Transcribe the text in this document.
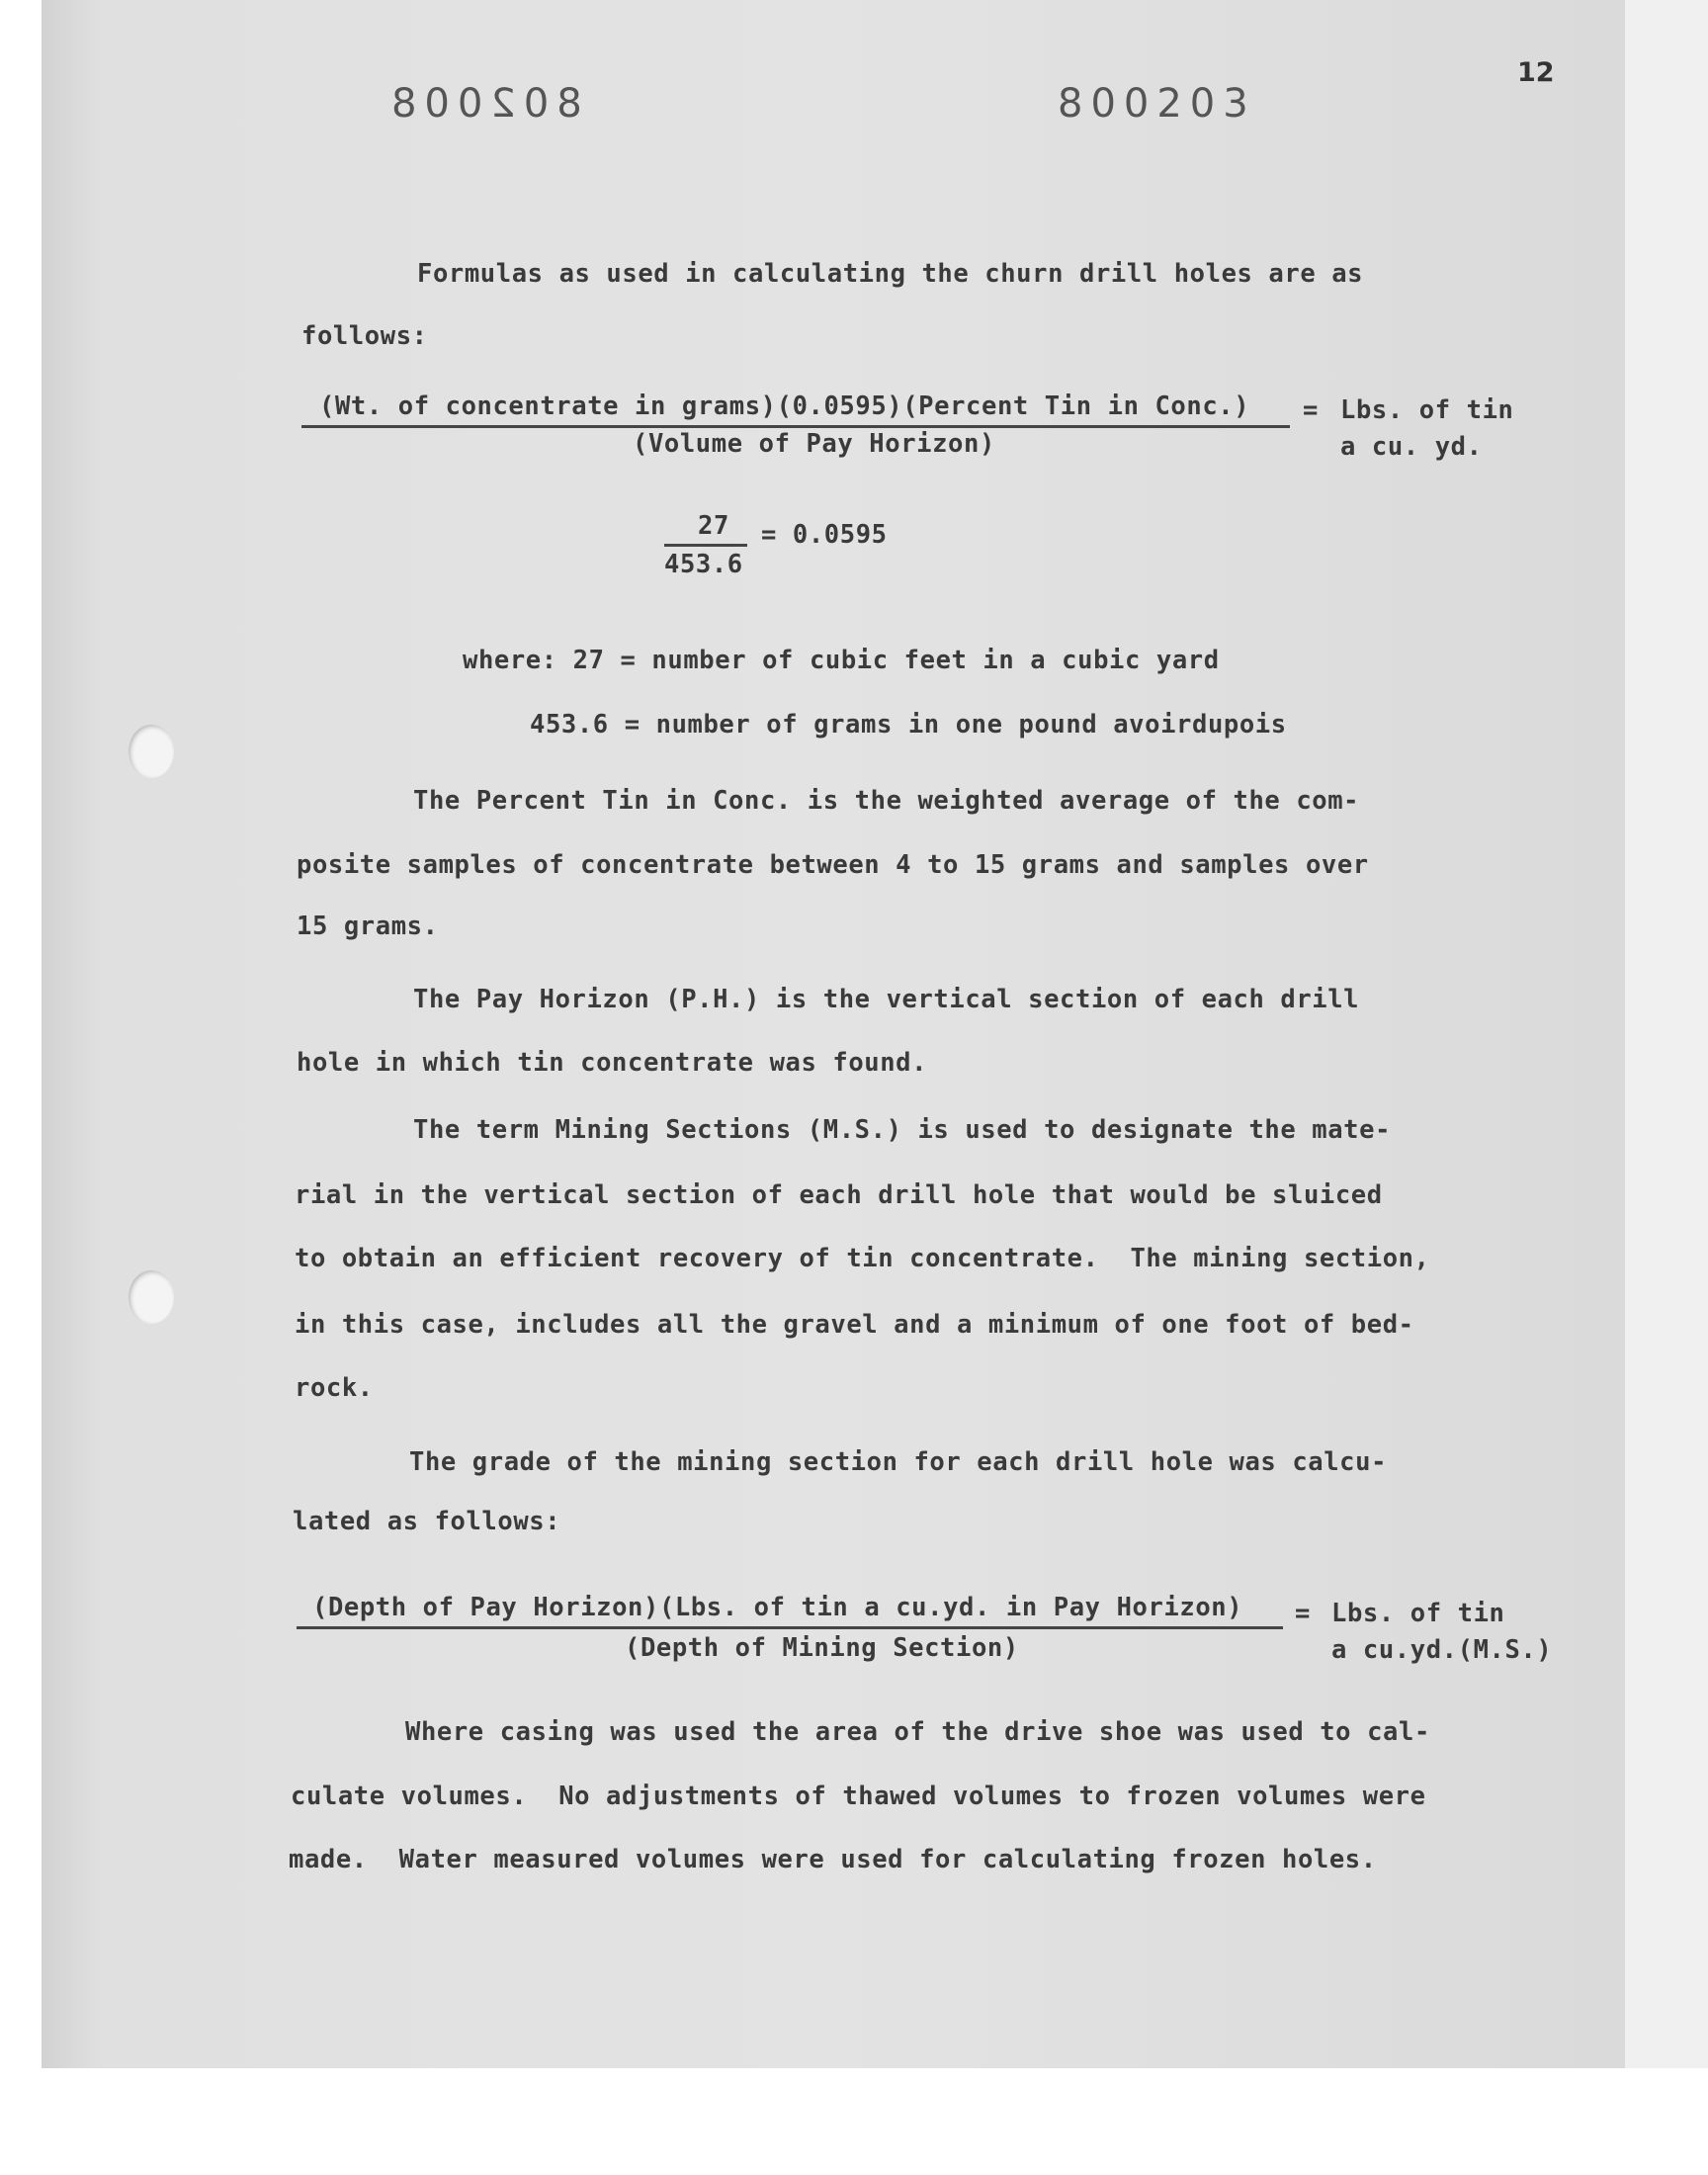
802008	800203
12
Formulas as used in calculating the churn drill holes are as
follows:
(Wt. of concentrate in grams)(0.0595)(Percent Tin in Conc.)
(Volume of Pay Horizon)
= Lbs. of tin
a cu. yd.
27
453.6
= 0.0595
where: 27 = number of cubic feet in a cubic yard
453.6 = number of grams in one pound avoirdupois
The Percent Tin in Conc. is the weighted average of the com-
posite samples of concentrate between 4 to 15 grams and samples over
15 grams.
The Pay Horizon (P.H.) is the vertical section of each drill
hole in which tin concentrate was found.
The term Mining Sections (M.S.) is used to designate the mate-
rial in the vertical section of each drill hole that would be sluiced
to obtain an efficient recovery of tin concentrate.  The mining section,
in this case, includes all the gravel and a minimum of one foot of bed-
rock.
The grade of the mining section for each drill hole was calcu-
lated as follows:
(Depth of Pay Horizon)(Lbs. of tin a cu.yd. in Pay Horizon)
(Depth of Mining Section)
= Lbs. of tin
a cu.yd.(M.S.)
Where casing was used the area of the drive shoe was used to cal-
culate volumes.  No adjustments of thawed volumes to frozen volumes were
made.  Water measured volumes were used for calculating frozen holes.
